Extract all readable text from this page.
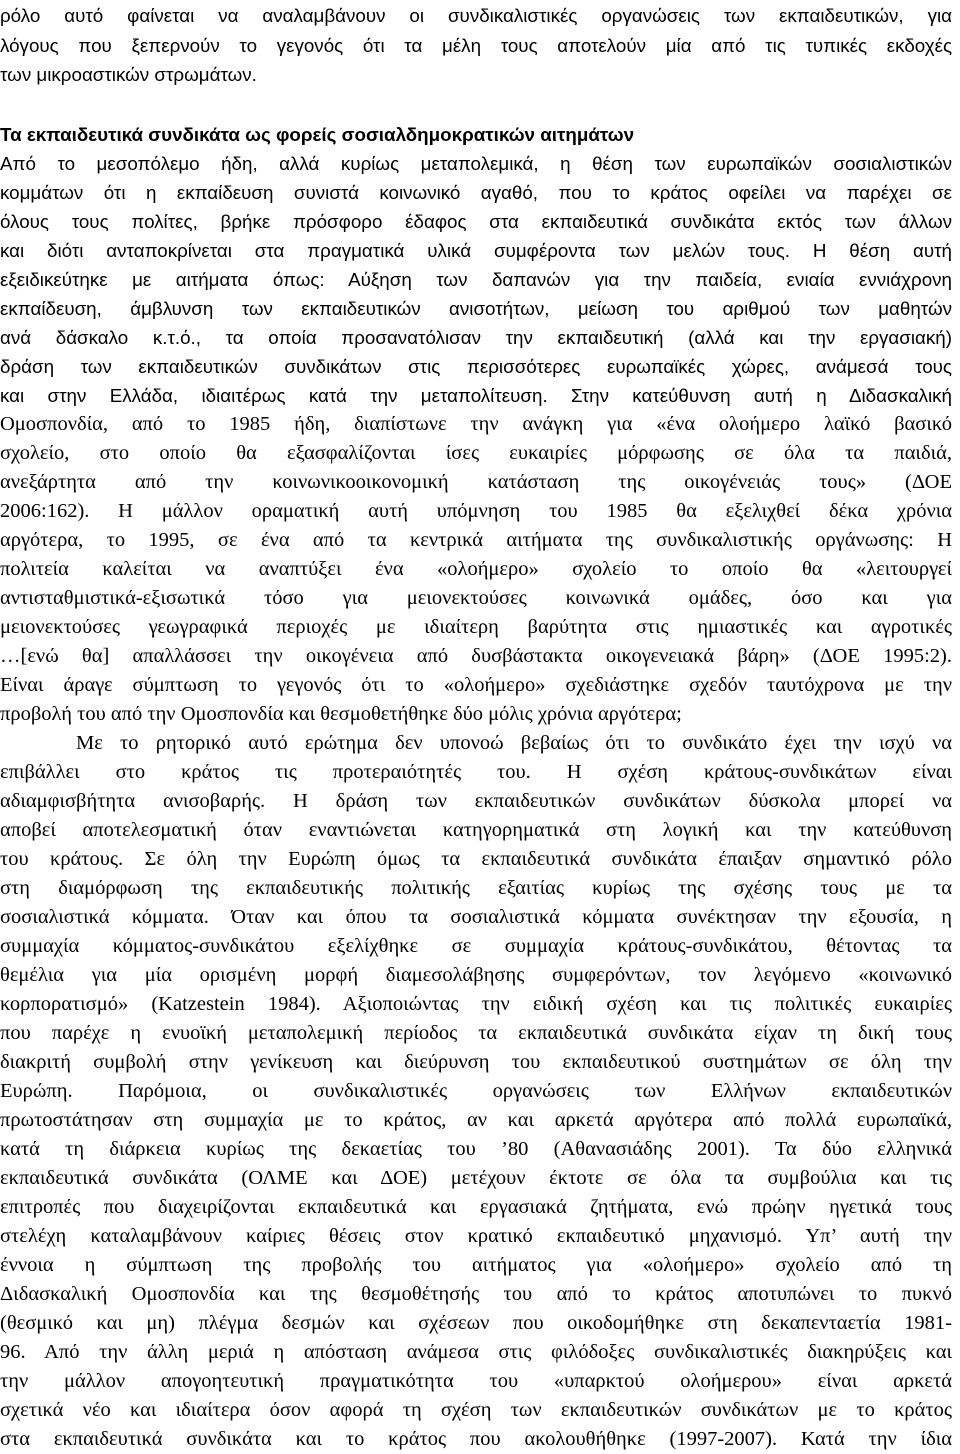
ρόλο αυτό φαίνεται να αναλαμβάνουν οι συνδικαλιστικές οργανώσεις των εκπαιδευτικών, για
λόγους που ξεπερνούν το γεγονός ότι τα μέλη τους αποτελούν μία από τις τυπικές εκδοχές
των μικροαστικών στρωμάτων.
Τα εκπαιδευτικά συνδικάτα ως φορείς σοσιαλδημοκρατικών αιτημάτων
Από το μεσοπόλεμο ήδη, αλλά κυρίως μεταπολεμικά, η θέση των ευρωπαϊκών σοσιαλιστικών
κομμάτων ότι η εκπαίδευση συνιστά κοινωνικό αγαθό, που το κράτος οφείλει να παρέχει σε
όλους τους πολίτες, βρήκε πρόσφορο έδαφος στα εκπαιδευτικά συνδικάτα εκτός των άλλων
και διότι ανταποκρίνεται στα πραγματικά υλικά συμφέροντα των μελών τους. Η θέση αυτή
εξειδικεύτηκε με αιτήματα όπως: Αύξηση των δαπανών για την παιδεία, ενιαία εννιάχρονη
εκπαίδευση, άμβλυνση των εκπαιδευτικών ανισοτήτων, μείωση του αριθμού των μαθητών
ανά δάσκαλο κ.τ.ό., τα οποία προσανατόλισαν την εκπαιδευτική (αλλά και την εργασιακή)
δράση των εκπαιδευτικών συνδικάτων στις περισσότερες ευρωπαϊκές χώρες, ανάμεσά τους
και στην Ελλάδα, ιδιαιτέρως κατά την μεταπολίτευση. Στην κατεύθυνση αυτή η Διδασκαλική
Ομοσπονδία, από το 1985 ήδη, διαπίστωνε την ανάγκη για «ένα ολοήμερο λαϊκό βασικό
σχολείο, στο οποίο θα εξασφαλίζονται ίσες ευκαιρίες μόρφωσης σε όλα τα παιδιά,
ανεξάρτητα από την κοινωνικοοικονομική κατάσταση της οικογένειάς τους» (ΔΟΕ
2006:162). Η μάλλον οραματική αυτή υπόμνηση του 1985 θα εξελιχθεί δέκα χρόνια
αργότερα, το 1995, σε ένα από τα κεντρικά αιτήματα της συνδικαλιστικής οργάνωσης: Η
πολιτεία καλείται να αναπτύξει ένα «ολοήμερο» σχολείο το οποίο θα «λειτουργεί
αντισταθμιστικά-εξισωτικά τόσο για μειονεκτούσες κοινωνικά ομάδες, όσο και για
μειονεκτούσες γεωγραφικά περιοχές με ιδιαίτερη βαρύτητα στις ημιαστικές και αγροτικές
…[ενώ θα] απαλλάσσει την οικογένεια από δυσβάστακτα οικογενειακά βάρη» (ΔΟΕ 1995:2).
Είναι άραγε σύμπτωση το γεγονός ότι το «ολοήμερο» σχεδιάστηκε σχεδόν ταυτόχρονα με την
προβολή του από την Ομοσπονδία και θεσμοθετήθηκε δύο μόλις χρόνια αργότερα;
Με το ρητορικό αυτό ερώτημα δεν υπονοώ βεβαίως ότι το συνδικάτο έχει την ισχύ να
επιβάλλει στο κράτος τις προτεραιότητές του. Η σχέση κράτους-συνδικάτων είναι
αδιαμφισβήτητα ανισοβαρής. Η δράση των εκπαιδευτικών συνδικάτων δύσκολα μπορεί να
αποβεί αποτελεσματική όταν εναντιώνεται κατηγορηματικά στη λογική και την κατεύθυνση
του κράτους. Σε όλη την Ευρώπη όμως τα εκπαιδευτικά συνδικάτα έπαιξαν σημαντικό ρόλο
στη διαμόρφωση της εκπαιδευτικής πολιτικής εξαιτίας κυρίως της σχέσης τους με τα
σοσιαλιστικά κόμματα. Όταν και όπου τα σοσιαλιστικά κόμματα συνέκτησαν την εξουσία, η
συμμαχία κόμματος-συνδικάτου εξελίχθηκε σε συμμαχία κράτους-συνδικάτου, θέτοντας τα
θεμέλια για μία ορισμένη μορφή διαμεσολάβησης συμφερόντων, τον λεγόμενο «κοινωνικό
κορπορατισμό» (Katzestein 1984). Αξιοποιώντας την ειδική σχέση και τις πολιτικές ευκαιρίες
που παρέχε η ενυοϊκή μεταπολεμική περίοδος τα εκπαιδευτικά συνδικάτα είχαν τη δική τους
διακριτή συμβολή στην γενίκευση και διεύρυνση του εκπαιδευτικού συστημάτων σε όλη την
Ευρώπη. Παρόμοια, οι συνδικαλιστικές οργανώσεις των Ελλήνων εκπαιδευτικών
πρωτοστάτησαν στη συμμαχία με το κράτος, αν και αρκετά αργότερα από πολλά ευρωπαϊκά,
κατά τη διάρκεια κυρίως της δεκαετίας του ’80 (Αθανασιάδης 2001). Τα δύο ελληνικά
εκπαιδευτικά συνδικάτα (ΟΛΜΕ και ΔΟΕ) μετέχουν έκτοτε σε όλα τα συμβούλια και τις
επιτροπές που διαχειρίζονται εκπαιδευτικά και εργασιακά ζητήματα, ενώ πρώην ηγετικά τους
στελέχη καταλαμβάνουν καίριες θέσεις στον κρατικό εκπαιδευτικό μηχανισμό. Υπ’ αυτή την
έννοια η σύμπτωση της προβολής του αιτήματος για «ολοήμερο» σχολείο από τη
Διδασκαλική Ομοσπονδία και της θεσμοθέτησής του από το κράτος αποτυπώνει το πυκνό
(θεσμικό και μη) πλέγμα δεσμών και σχέσεων που οικοδομήθηκε στη δεκαπενταετία 1981-
96. Από την άλλη μεριά η απόσταση ανάμεσα στις φιλόδοξες συνδικαλιστικές διακηρύξεις και
την μάλλον απογοητευτική πραγματικότητα του «υπαρκτού ολοήμερου» είναι αρκετά
σχετικά νέο και ιδιαίτερα όσον αφορά τη σχέση των εκπαιδευτικών συνδικάτων με το κράτος
στα εκπαιδευτικά συνδικάτα και το κράτος που ακολουθήθηκε (1997-2007). Κατά την ίδια
